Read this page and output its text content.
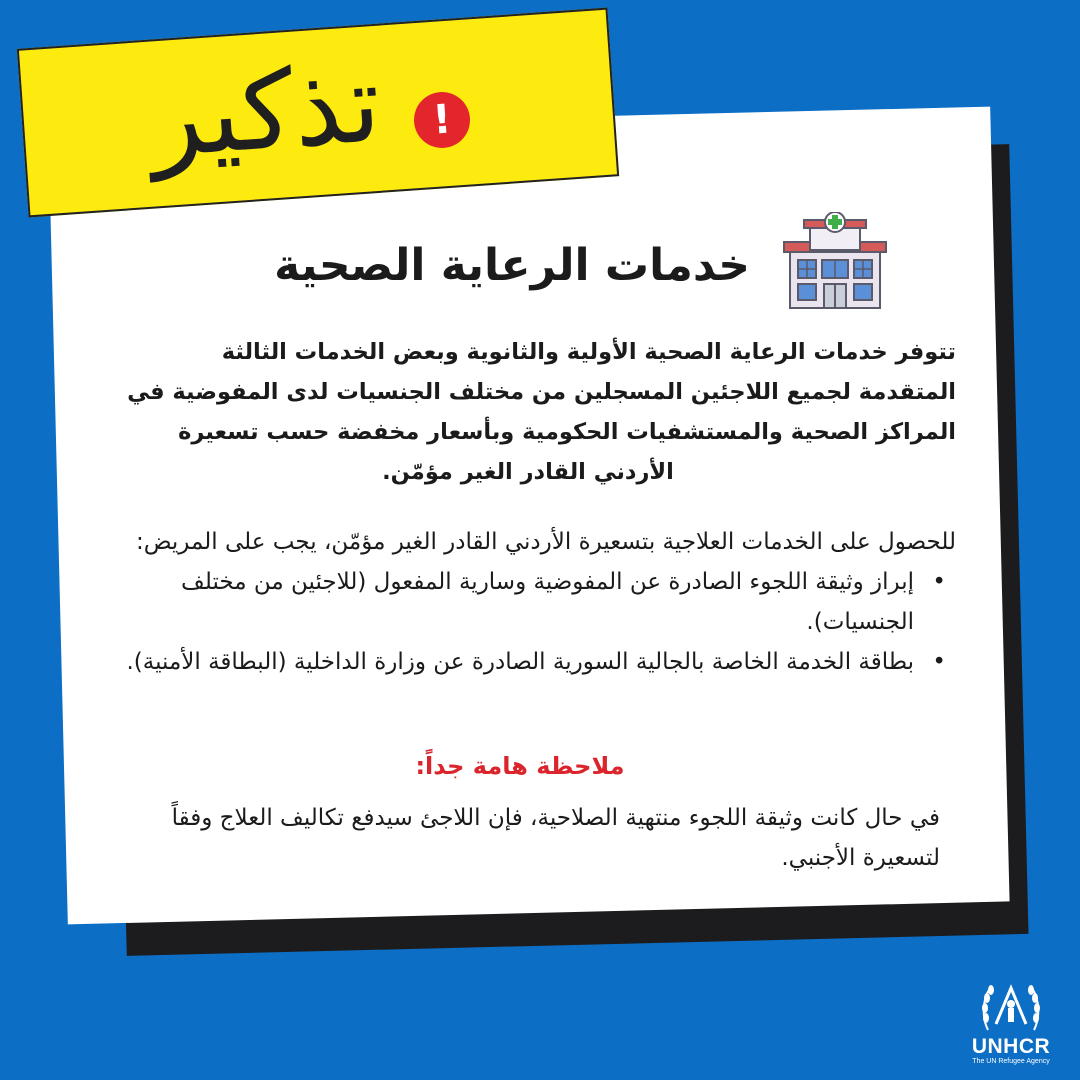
تذكير	!
خدمات الرعاية الصحية

تتوفر خدمات الرعاية الصحية الأولية والثانوية وبعض الخدمات الثالثة

المتقدمة لجميع اللاجئين المسجلين من مختلف الجنسيات لدى المفوضية في

المراكز الصحية والمستشفيات الحكومية وبأسعار مخفضة حسب تسعيرة

الأردني القادر الغير مؤمّن.

للحصول على الخدمات العلاجية بتسعيرة الأردني القادر الغير مؤمّن، يجب على المريض:

• إبراز وثيقة اللجوء الصادرة عن المفوضية وسارية المفعول (للاجئين من مختلف الجنسيات).
• بطاقة الخدمة الخاصة بالجالية السورية الصادرة عن وزارة الداخلية (البطاقة الأمنية).
ملاحظة هامة جداً:

في حال كانت وثيقة اللجوء منتهية الصلاحية، فإن اللاجئ سيدفع تكاليف العلاج وفقاً لتسعيرة الأجنبي.

UNHCR
The UN Refugee Agency
